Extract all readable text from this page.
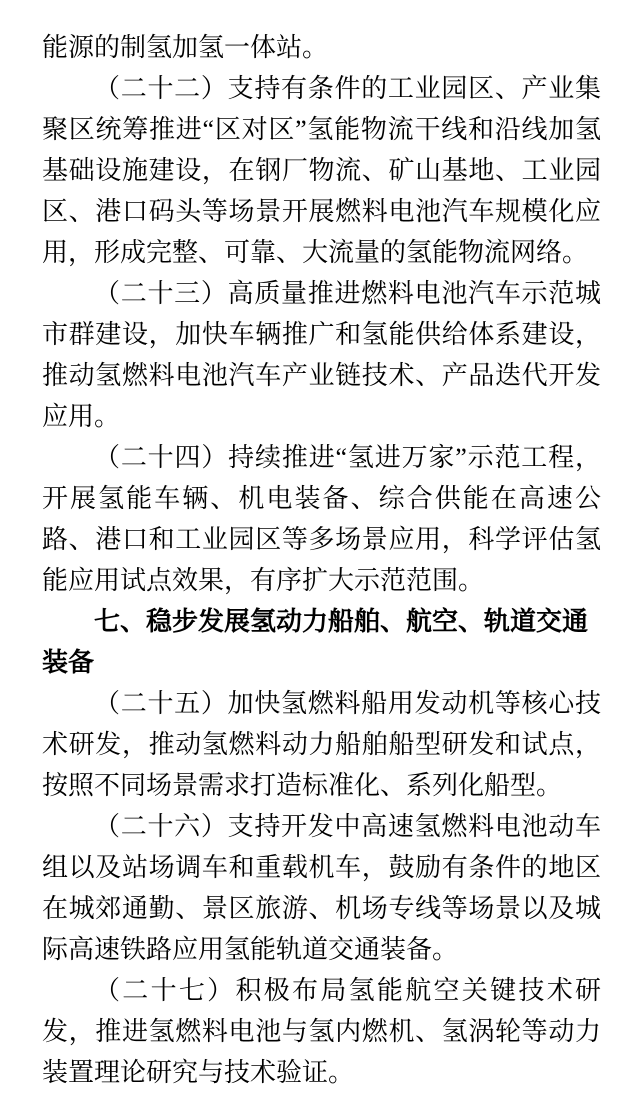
能源的制氢加氢一体站。

（二十二）支持有条件的工业园区、产业集聚区统筹推进“区对区”氢能物流干线和沿线加氢基础设施建设，在钢厂物流、矿山基地、工业园区、港口码头等场景开展燃料电池汽车规模化应用，形成完整、可靠、大流量的氢能物流网络。

（二十三）高质量推进燃料电池汽车示范城市群建设，加快车辆推广和氢能供给体系建设，推动氢燃料电池汽车产业链技术、产品迭代开发应用。

（二十四）持续推进“氢进万家”示范工程，开展氢能车辆、机电装备、综合供能在高速公路、港口和工业园区等多场景应用，科学评估氢能应用试点效果，有序扩大示范范围。

七、稳步发展氢动力船舶、航空、轨道交通装备

（二十五）加快氢燃料船用发动机等核心技术研发，推动氢燃料动力船舶船型研发和试点，按照不同场景需求打造标准化、系列化船型。

（二十六）支持开发中高速氢燃料电池动车组以及站场调车和重载机车，鼓励有条件的地区在城郊通勤、景区旅游、机场专线等场景以及城际高速铁路应用氢能轨道交通装备。

（二十七）积极布局氢能航空关键技术研发，推进氢燃料电池与氢内燃机、氢涡轮等动力装置理论研究与技术验证。
